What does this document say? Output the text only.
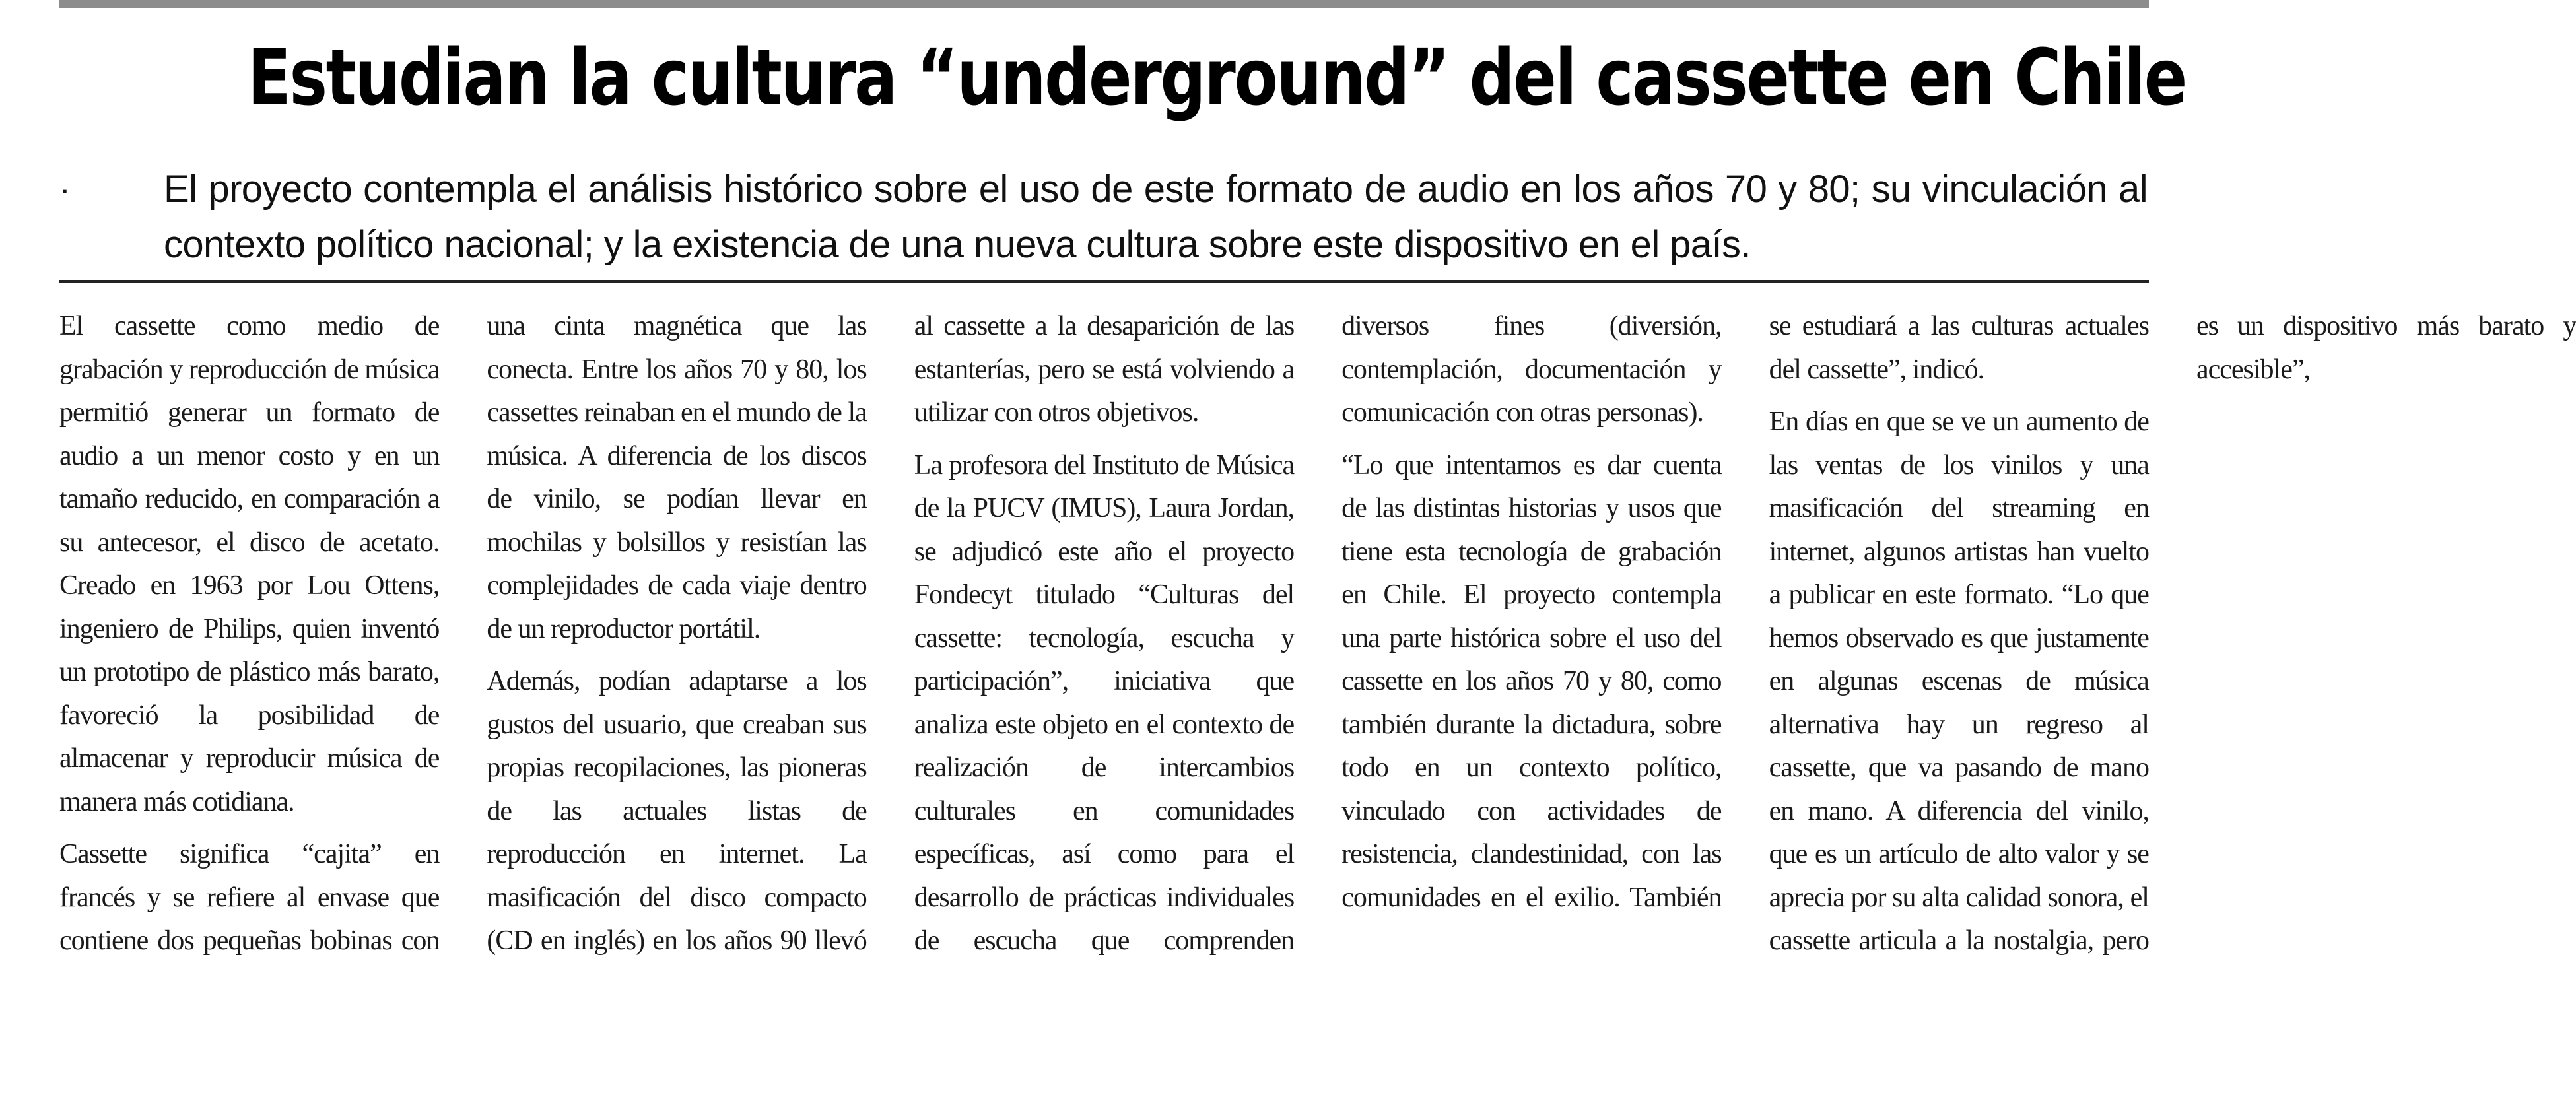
Estudian la cultura “underground” del cassette en Chile
· El proyecto contempla el análisis histórico sobre el uso de este formato de audio en los años 70 y 80; su vinculación al contexto político nacional; y la existencia de una nueva cultura sobre este dispositivo en el país.

El cassette como medio de grabación y reproducción de música permitió generar un formato de audio a un menor costo y en un tamaño reducido, en comparación a su antecesor, el disco de acetato. Creado en 1963 por Lou Ottens, ingeniero de Philips, quien inventó un prototipo de plástico más barato, favoreció la posibilidad de almacenar y reproducir música de manera más cotidiana.

Cassette significa “cajita” en francés y se refiere al envase que contiene dos pequeñas bobinas con una cinta magnética que las conecta. Entre los años 70 y 80, los cassettes reinaban en el mundo de la música. A diferencia de los discos de vinilo, se podían llevar en mochilas y bolsillos y resistían las complejidades de cada viaje dentro de un reproductor portátil.

Además, podían adaptarse a los gustos del usuario, que creaban sus propias recopilaciones, las pioneras de las actuales listas de reproducción en internet. La masificación del disco compacto (CD en inglés) en los años 90 llevó al cassette a la desaparición de las estanterías, pero se está volviendo a utilizar con otros objetivos.

La profesora del Instituto de Música de la PUCV (IMUS), Laura Jordan, se adjudicó este año el proyecto Fondecyt titulado “Culturas del cassette: tecnología, escucha y participación”, iniciativa que analiza este objeto en el contexto de realización de intercambios culturales en comunidades específicas, así como para el desarrollo de prácticas individuales de escucha que comprenden diversos fines (diversión, contemplación, documentación y comunicación con otras personas).

“Lo que intentamos es dar cuenta de las distintas historias y usos que tiene esta tecnología de grabación en Chile. El proyecto contempla una parte histórica sobre el uso del cassette en los años 70 y 80, como también durante la dictadura, sobre todo en un contexto político, vinculado con actividades de resistencia, clandestinidad, con las comunidades en el exilio. También se estudiará a las culturas actuales del cassette”, indicó.

En días en que se ve un aumento de las ventas de los vinilos y una masificación del streaming en internet, algunos artistas han vuelto a publicar en este formato. “Lo que hemos observado es que justamente en algunas escenas de música alternativa hay un regreso al cassette, que va pasando de mano en mano. A diferencia del vinilo, que es un artículo de alto valor y se aprecia por su alta calidad sonora, el cassette articula a la nostalgia, pero es un dispositivo más barato y accesible”,
